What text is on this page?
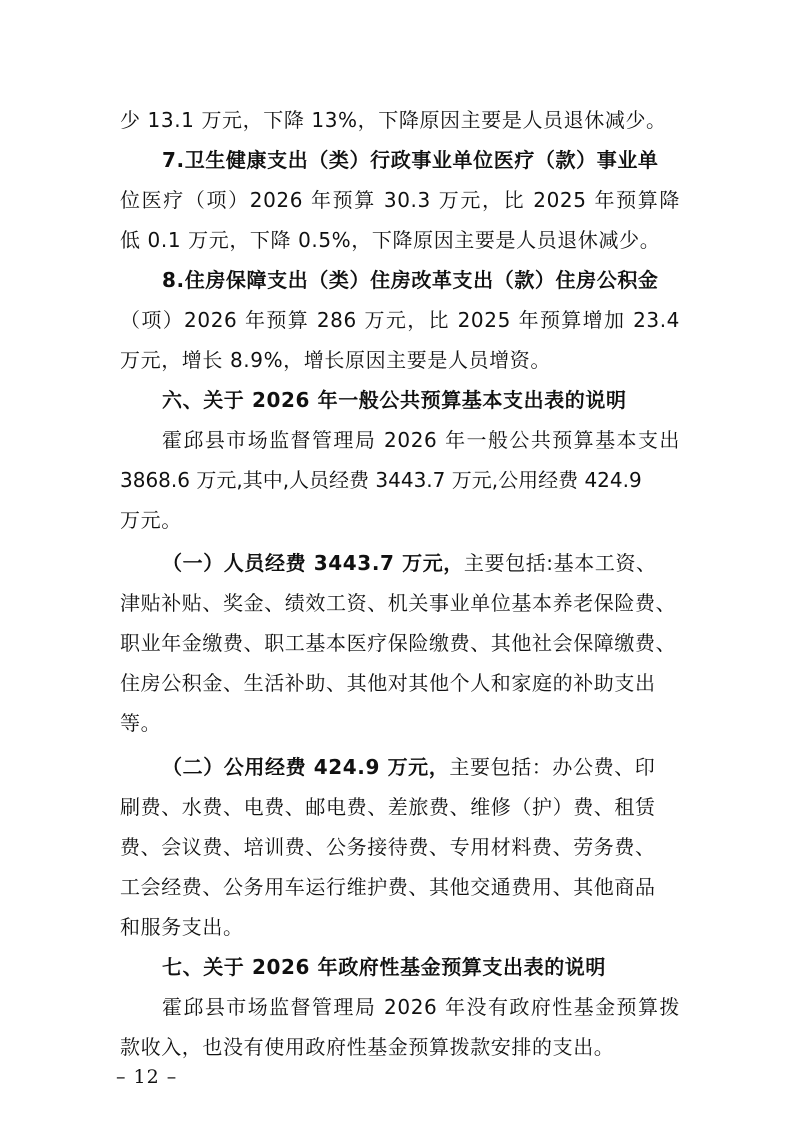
少 13.1 万元，下降 13%，下降原因主要是人员退休减少。
7.卫生健康支出（类）行政事业单位医疗（款）事业单
位医疗（项）2026 年预算 30.3 万元，比 2025 年预算降
低 0.1 万元，下降 0.5%，下降原因主要是人员退休减少。
8.住房保障支出（类）住房改革支出（款）住房公积金
（项）2026 年预算 286 万元，比 2025 年预算增加 23.4
万元，增长 8.9%，增长原因主要是人员增资。
六、关于 2026 年一般公共预算基本支出表的说明
霍邱县市场监督管理局 2026 年一般公共预算基本支出
3868.6 万元,其中,人员经费 3443.7 万元,公用经费 424.9
万元。
（一）人员经费 3443.7 万元，主要包括:基本工资、
津贴补贴、奖金、绩效工资、机关事业单位基本养老保险费、
职业年金缴费、职工基本医疗保险缴费、其他社会保障缴费、
住房公积金、生活补助、其他对其他个人和家庭的补助支出
等。
（二）公用经费 424.9 万元，主要包括：办公费、印
刷费、水费、电费、邮电费、差旅费、维修（护）费、租赁
费、会议费、培训费、公务接待费、专用材料费、劳务费、
工会经费、公务用车运行维护费、其他交通费用、其他商品
和服务支出。
七、关于 2026 年政府性基金预算支出表的说明
霍邱县市场监督管理局 2026 年没有政府性基金预算拨
款收入，也没有使用政府性基金预算拨款安排的支出。
– 12 –
